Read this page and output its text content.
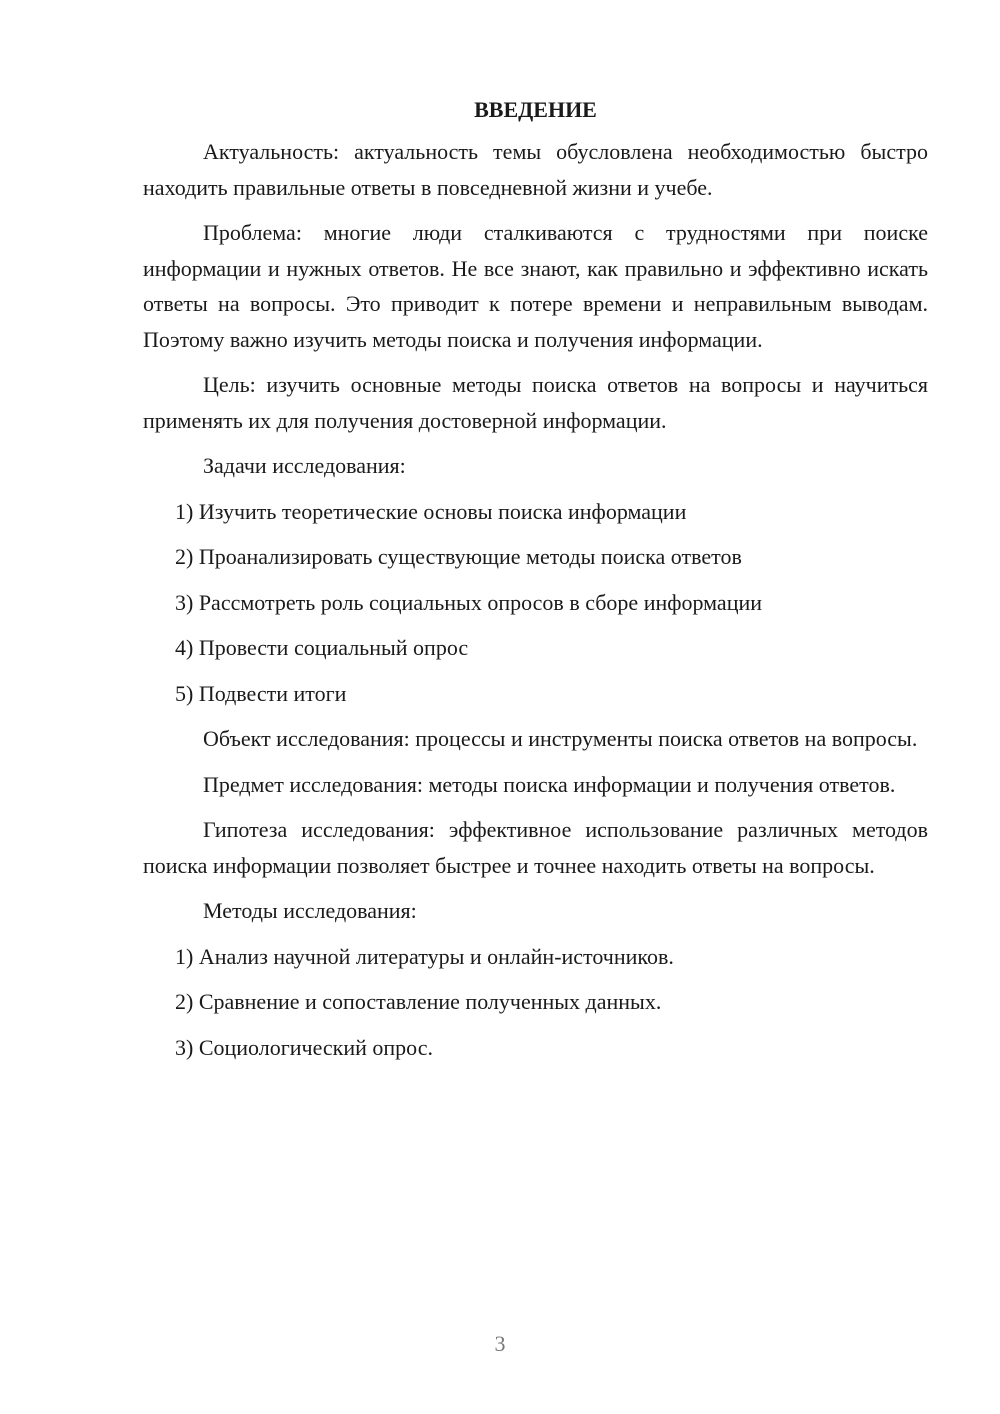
ВВЕДЕНИЕ

Актуальность: актуальность темы обусловлена необходимостью быстро находить правильные ответы в повседневной жизни и учебе.

Проблема: многие люди сталкиваются с трудностями при поиске информации и нужных ответов. Не все знают, как правильно и эффективно искать ответы на вопросы. Это приводит к потере времени и неправильным выводам. Поэтому важно изучить методы поиска и получения информации.

Цель: изучить основные методы поиска ответов на вопросы и научиться применять их для получения достоверной информации.

Задачи исследования:

1) Изучить теоретические основы поиска информации
2) Проанализировать существующие методы поиска ответов
3) Рассмотреть роль социальных опросов в сборе информации
4) Провести социальный опрос
5) Подвести итоги

Объект исследования: процессы и инструменты поиска ответов на вопросы.

Предмет исследования: методы поиска информации и получения ответов.

Гипотеза исследования: эффективное использование различных методов поиска информации позволяет быстрее и точнее находить ответы на вопросы.

Методы исследования:

1) Анализ научной литературы и онлайн-источников.
2) Сравнение и сопоставление полученных данных.
3) Социологический опрос.
3
